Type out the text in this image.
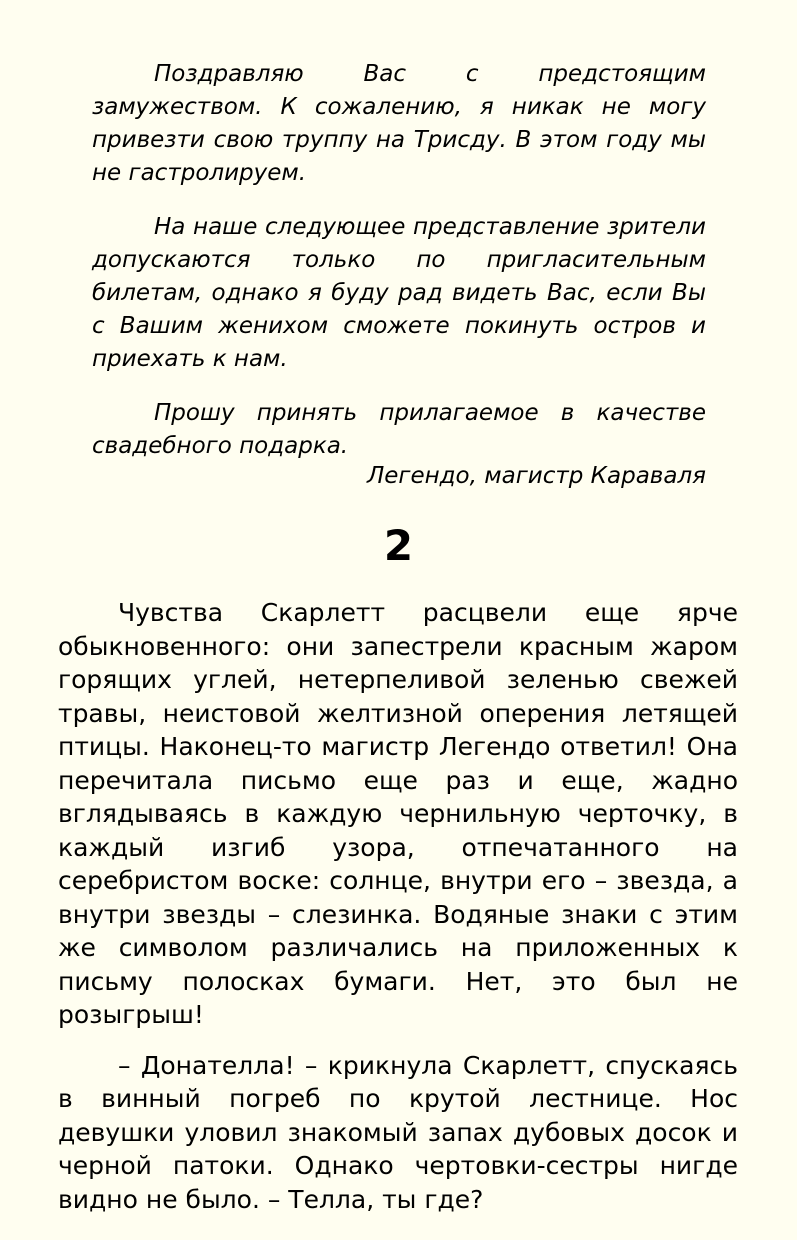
Поздравляю Вас с предстоящим замужеством. К сожалению, я никак не могу привезти свою труппу на Трисду. В этом году мы не гастролируем.

На наше следующее представление зрители допускаются только по пригласительным билетам, однако я буду рад видеть Вас, если Вы с Вашим женихом сможете покинуть остров и приехать к нам.

Прошу принять прилагаемое в качестве свадебного подарка.

Легендо, магистр Караваля
2

Чувства Скарлетт расцвели еще ярче обыкновенного: они запестрели красным жаром горящих углей, нетерпеливой зеленью свежей травы, неистовой желтизной оперения летящей птицы. Наконец-то магистр Легендо ответил! Она перечитала письмо еще раз и еще, жадно вглядываясь в каждую чернильную черточку, в каждый изгиб узора, отпечатанного на серебристом воске: солнце, внутри его – звезда, а внутри звезды – слезинка. Водяные знаки с этим же символом различались на приложенных к письму полосках бумаги. Нет, это был не розыгрыш!

– Донателла! – крикнула Скарлетт, спускаясь в винный погреб по крутой лестнице. Нос девушки уловил знакомый запах дубовых досок и черной патоки. Однако чертовки-сестры нигде видно не было. – Телла, ты где?
